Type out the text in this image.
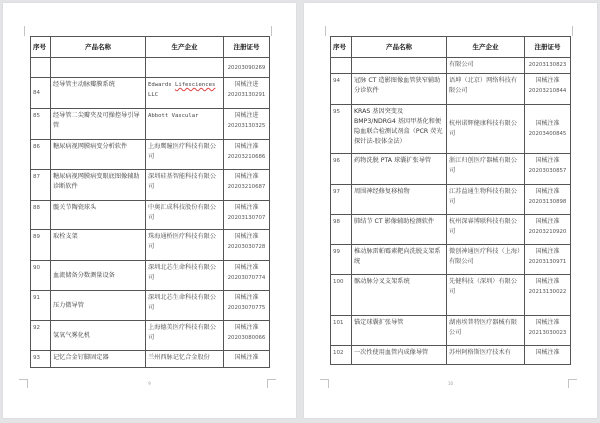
序号	产品名称	生产企业	注册证号
			20203090269
84	经导管主动脉瓣膜系统	Edwards Lifesciences LLC	国械注进
20203130291
85	经导管二尖瓣夹及可操控导引导管	Abbott Vascular	国械注进
20203130325
86	糖尿病视网膜病变分析软件	上海鹰瞳医疗科技有限公司	国械注准
20203210686
87	糖尿病视网膜病变眼底图像辅助诊断软件	深圳硅基智能科技有限公司	国械注准
20203210687
88	髋关节陶瓷球头	中奥汇成科技股份有限公司	国械注准
20203130707
89	取栓支架	珠海通桥医疗科技有限公司	国械注准
20203030728
90	血流储备分数测量设备	深圳北芯生命科技有限公司	国械注准
20203070774
91	压力微导管	深圳北芯生命科技有限公司	国械注准
20203070775
92	氢氧气雾化机	上海德美医疗科技有限公司	国械注准
20203080066
93	记忆合金钉脚固定器	兰州西脉记忆合金股份	国械注准
9
序号	产品名称	生产企业	注册证号
		有限公司	20203130823
94	冠脉 CT 造影图像血管狭窄辅助分诊软件	语坤（北京）网络科技有限公司	国械注准
20203210844
95	KRAS 基因突变及 BMP3/NDRG4 基因甲基化和便隐血联合检测试剂盒（PCR 荧光探针法-胶体金法）	杭州诺辉健康科技有限公司	国械注准
20203400845
96	药物洗脱 PTA 球囊扩张导管	浙江归创医疗器械有限公司	国械注准
20203030857
97	周围神经修复移植物	江苏益通生物科技有限公司	国械注准
20203130898
98	肺结节 CT 影像辅助检测软件	杭州深睿博联科技有限公司	国械注准
20203210920
99	椎动脉雷帕霉素靶向洗脱支架系统	微创神通医疗科技（上海）有限公司	国械注准
20203130971
100	髂动脉分叉支架系统	先健科技（深圳）有限公司	国械注准
20213130022
101	锚定球囊扩张导管	湖南埃普特医疗器械有限公司	国械注准
20213030023
102	一次性使用血管内成像导管	苏州阿格斯医疗技术有	国械注准
10
